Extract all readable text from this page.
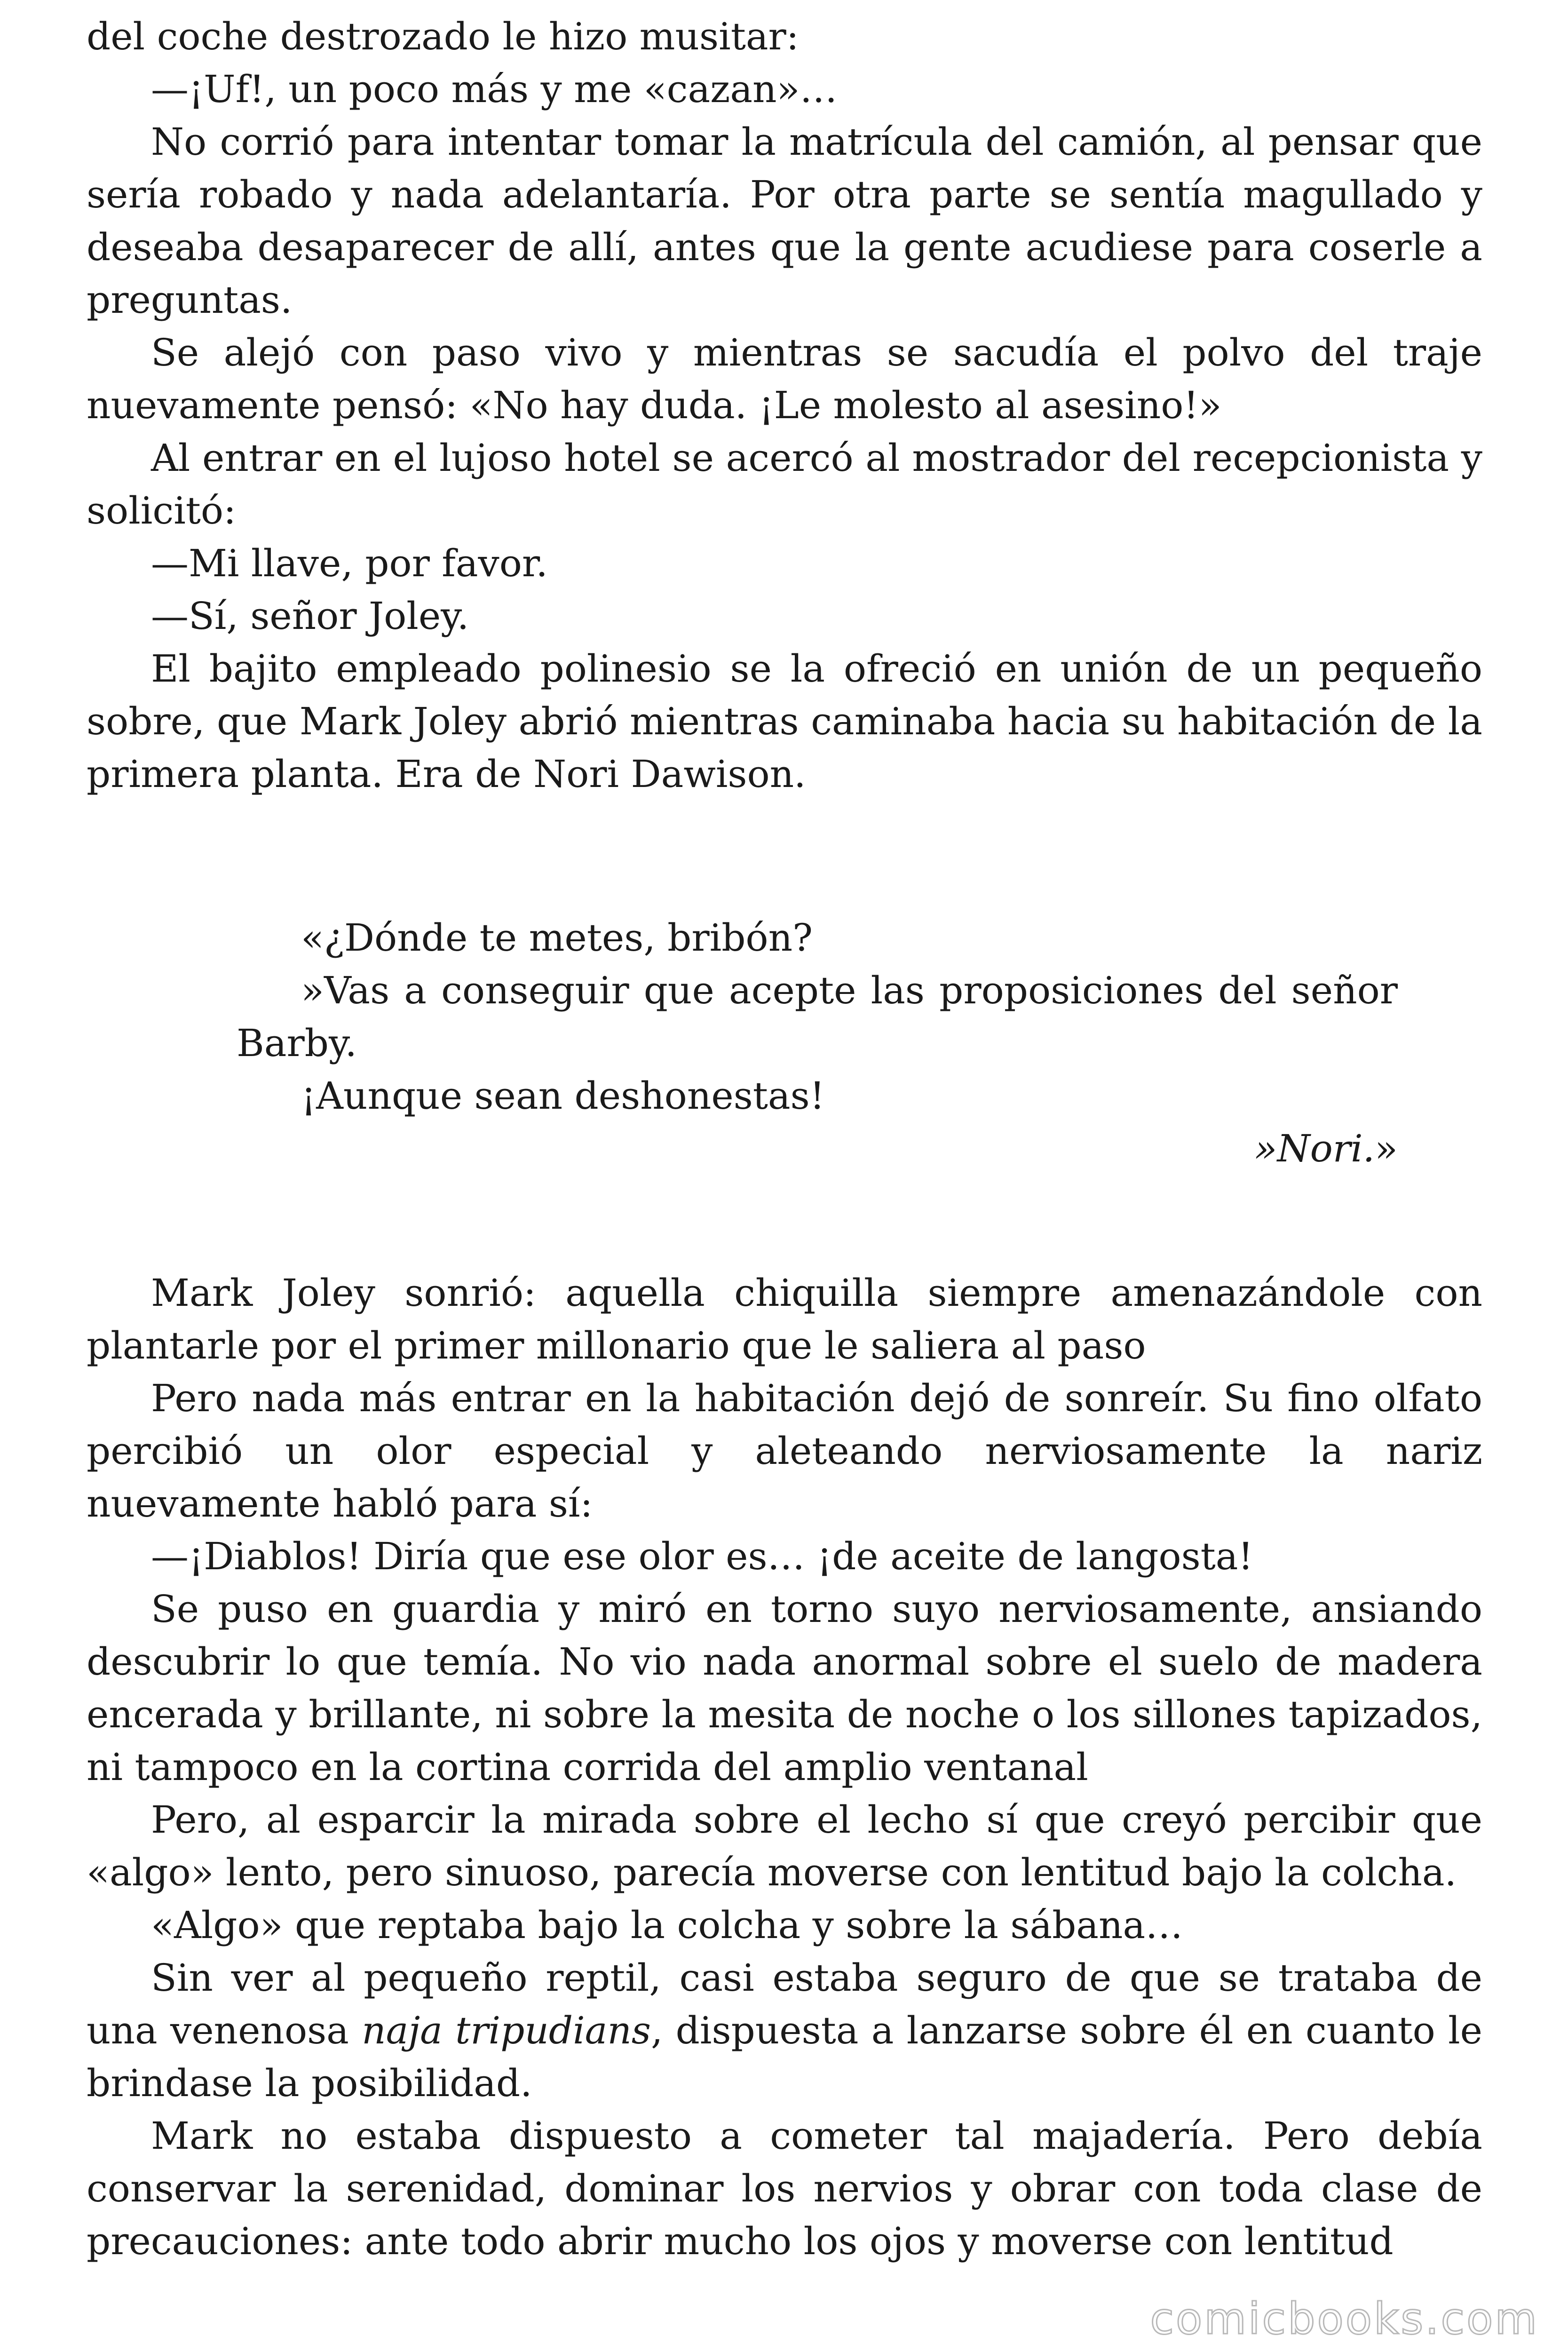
del coche destrozado le hizo musitar:

—¡Uf!, un poco más y me «cazan»…

No corrió para intentar tomar la matrícula del camión, al pensar que sería robado y nada adelantaría. Por otra parte se sentía magullado y deseaba desaparecer de allí, antes que la gente acudiese para coserle a preguntas.

Se alejó con paso vivo y mientras se sacudía el polvo del traje nuevamente pensó: «No hay duda. ¡Le molesto al asesino!»

Al entrar en el lujoso hotel se acercó al mostrador del recepcionista y solicitó:

—Mi llave, por favor.

—Sí, señor Joley.

El bajito empleado polinesio se la ofreció en unión de un pequeño sobre, que Mark Joley abrió mientras caminaba hacia su habitación de la primera planta. Era de Nori Dawison.

«¿Dónde te metes, bribón?

»Vas a conseguir que acepte las proposiciones del señor Barby.

¡Aunque sean deshonestas!

»Nori.»

Mark Joley sonrió: aquella chiquilla siempre amenazándole con plantarle por el primer millonario que le saliera al paso

Pero nada más entrar en la habitación dejó de sonreír. Su fino olfato percibió un olor especial y aleteando nerviosamente la nariz nuevamente habló para sí:

—¡Diablos! Diría que ese olor es… ¡de aceite de langosta!

Se puso en guardia y miró en torno suyo nerviosamente, ansiando descubrir lo que temía. No vio nada anormal sobre el suelo de madera encerada y brillante, ni sobre la mesita de noche o los sillones tapizados, ni tampoco en la cortina corrida del amplio ventanal

Pero, al esparcir la mirada sobre el lecho sí que creyó percibir que «algo» lento, pero sinuoso, parecía moverse con lentitud bajo la colcha.

«Algo» que reptaba bajo la colcha y sobre la sábana…

Sin ver al pequeño reptil, casi estaba seguro de que se trataba de una venenosa naja tripudians, dispuesta a lanzarse sobre él en cuanto le brindase la posibilidad.

Mark no estaba dispuesto a cometer tal majadería. Pero debía conservar la serenidad, dominar los nervios y obrar con toda clase de precauciones: ante todo abrir mucho los ojos y moverse con lentitud

comicbooks.com
